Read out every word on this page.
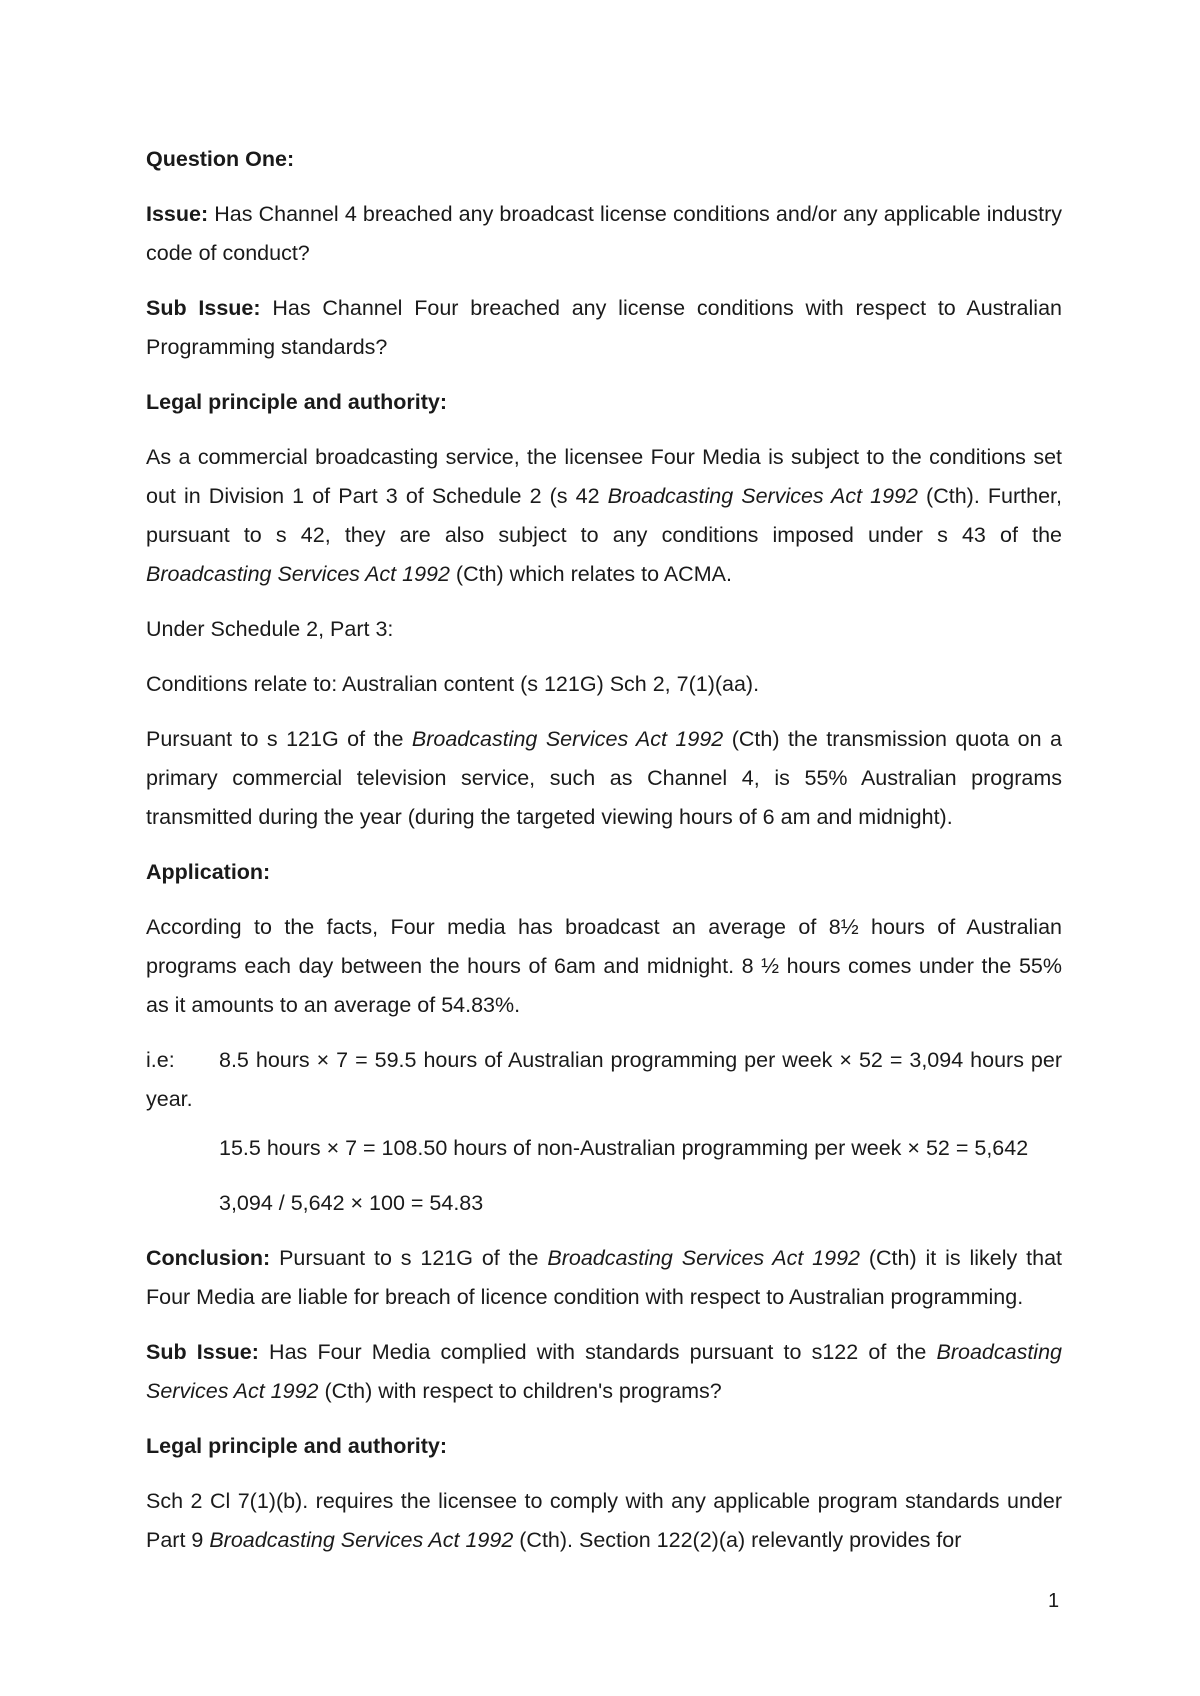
Question One:

Issue: Has Channel 4 breached any broadcast license conditions and/or any applicable industry code of conduct?

Sub Issue: Has Channel Four breached any license conditions with respect to Australian Programming standards?

Legal principle and authority:

As a commercial broadcasting service, the licensee Four Media is subject to the conditions set out in Division 1 of Part 3 of Schedule 2 (s 42 Broadcasting Services Act 1992 (Cth). Further, pursuant to s 42, they are also subject to any conditions imposed under s 43 of the Broadcasting Services Act 1992 (Cth) which relates to ACMA.

Under Schedule 2, Part 3:

Conditions relate to: Australian content (s 121G) Sch 2, 7(1)(aa).

Pursuant to s 121G of the Broadcasting Services Act 1992 (Cth) the transmission quota on a primary commercial television service, such as Channel 4, is 55% Australian programs transmitted during the year (during the targeted viewing hours of 6 am and midnight).

Application:

According to the facts, Four media has broadcast an average of 8½ hours of Australian programs each day between the hours of 6am and midnight. 8 ½ hours comes under the 55% as it amounts to an average of 54.83%.

i.e: 8.5 hours × 7 = 59.5 hours of Australian programming per week × 52 = 3,094 hours per year.

15.5 hours × 7 = 108.50 hours of non-Australian programming per week × 52 = 5,642

3,094 / 5,642 × 100 = 54.83

Conclusion: Pursuant to s 121G of the Broadcasting Services Act 1992 (Cth) it is likely that Four Media are liable for breach of licence condition with respect to Australian programming.

Sub Issue: Has Four Media complied with standards pursuant to s122 of the Broadcasting Services Act 1992 (Cth) with respect to children's programs?

Legal principle and authority:

Sch 2 Cl 7(1)(b). requires the licensee to comply with any applicable program standards under Part 9 Broadcasting Services Act 1992 (Cth). Section 122(2)(a) relevantly provides for

1
